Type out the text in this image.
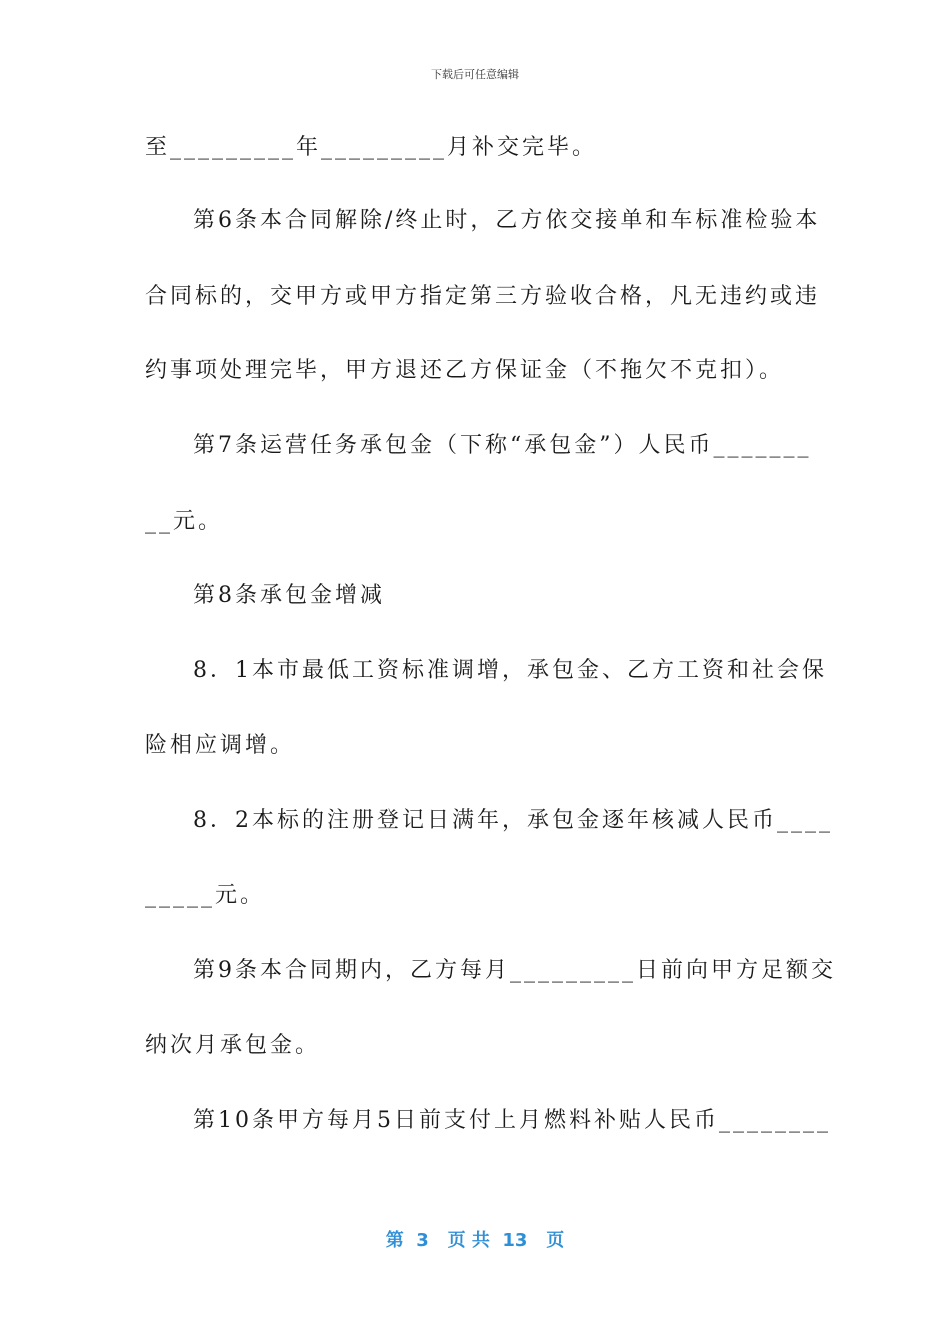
下载后可任意编辑
至_________年_________月补交完毕。
第6条本合同解除/终止时，乙方依交接单和车标准检验本
合同标的，交甲方或甲方指定第三方验收合格，凡无违约或违
约事项处理完毕，甲方退还乙方保证金（不拖欠不克扣）。
第7条运营任务承包金（下称“承包金”）人民币_______
__元。
第8条承包金增减
8．1本市最低工资标准调增，承包金、乙方工资和社会保
险相应调增。
8．2本标的注册登记日满年，承包金逐年核减人民币____
_____元。
第9条本合同期内，乙方每月_________日前向甲方足额交
纳次月承包金。
第10条甲方每月5日前支付上月燃料补贴人民币________
第  3   页 共  13   页
